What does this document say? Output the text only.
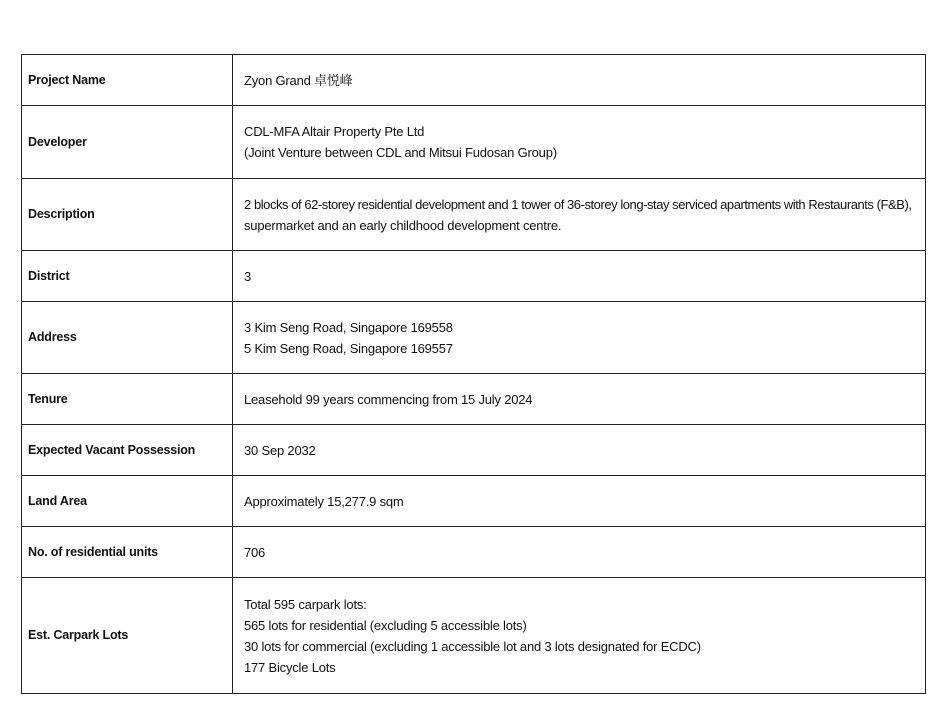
Project Name	Zyon Grand 卓悦峰

Developer	CDL-MFA Altair Property Pte Ltd
(Joint Venture between CDL and Mitsui Fudosan Group)

Description	2 blocks of 62-storey residential development and 1 tower of 36-storey long-stay serviced apartments with Restaurants (F&B),
supermarket and an early childhood development centre.

District	3

Address	3 Kim Seng Road, Singapore 169558
5 Kim Seng Road, Singapore 169557

Tenure	Leasehold 99 years commencing from 15 July 2024

Expected Vacant Possession	30 Sep 2032

Land Area	Approximately 15,277.9 sqm

No. of residential units	706

Est. Carpark Lots	Total 595 carpark lots:
565 lots for residential (excluding 5 accessible lots)
30 lots for commercial (excluding 1 accessible lot and 3 lots designated for ECDC)
177 Bicycle Lots
